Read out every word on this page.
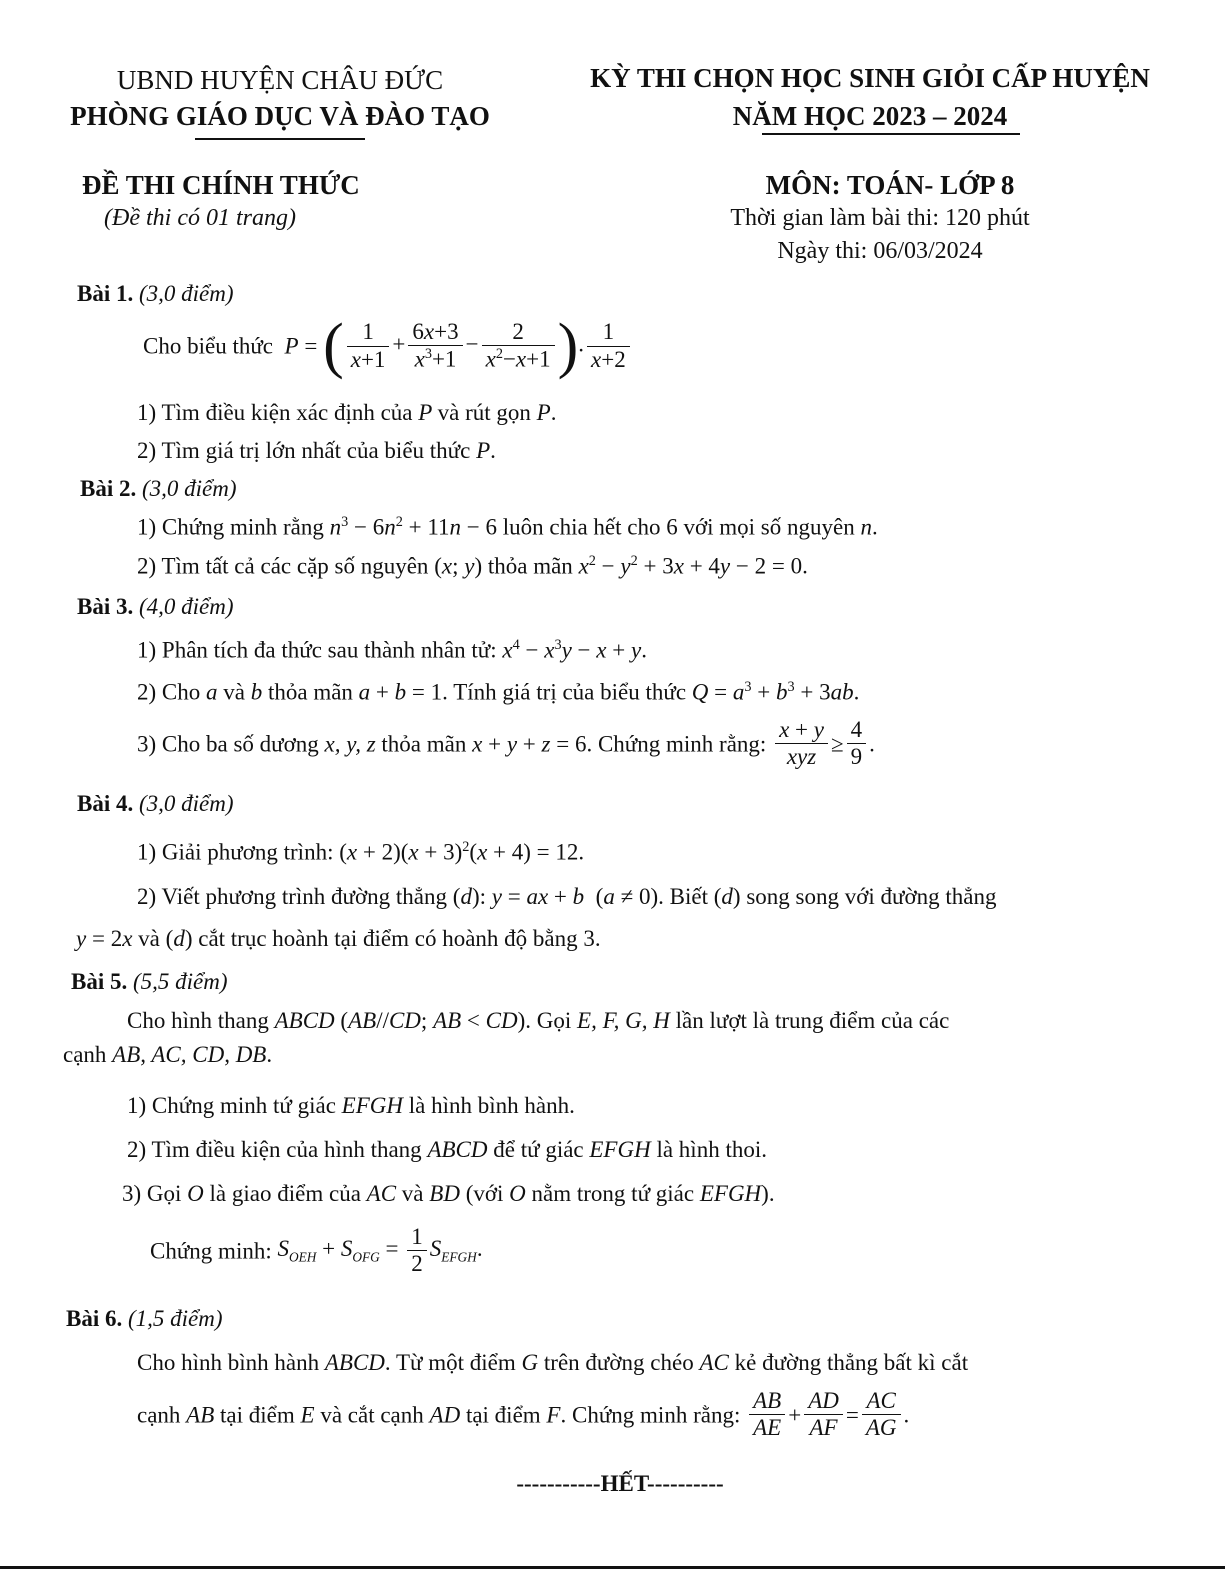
UBND HUYỆN CHÂU ĐỨC
PHÒNG GIÁO DỤC VÀ ĐÀO TẠO
KỲ THI CHỌN HỌC SINH GIỎI CẤP HUYỆN
NĂM HỌC 2023 – 2024
ĐỀ THI CHÍNH THỨC
(Đề thi có 01 trang)
MÔN: TOÁN- LỚP 8
Thời gian làm bài thi: 120 phút
Ngày thi: 06/03/2024
Bài 1. (3,0 điểm)
Cho biểu thức  P = ( $\frac{1}{x+1} + \frac{6x+3}{x^3+1} - \frac{2}{x^2-x+1}$ ). $\frac{1}{x+2}$
1) Tìm điều kiện xác định của P và rút gọn P.
2) Tìm giá trị lớn nhất của biểu thức P.
Bài 2. (3,0 điểm)
1) Chứng minh rằng $n^3 - 6n^2 + 11n - 6$ luôn chia hết cho 6 với mọi số nguyên n.
2) Tìm tất cả các cặp số nguyên (x; y) thỏa mãn $x^2 - y^2 + 3x + 4y - 2 = 0$.
Bài 3. (4,0 điểm)
1) Phân tích đa thức sau thành nhân tử: $x^4 - x^3y - x + y$.
2) Cho a và b thỏa mãn a + b = 1. Tính giá trị của biểu thức $Q = a^3 + b^3 + 3ab$.
3) Cho ba số dương x, y, z thỏa mãn x + y + z = 6. Chứng minh rằng: $\frac{x + y}{\text{xyz}} \ge \frac{4}{9}$ .
Bài 4. (3,0 điểm)
1) Giải phương trình: $(x + 2)(x + 3)^2(x + 4) = 12$.
2) Viết phương trình đường thẳng (d): y = ax + b  (a ≠ 0). Biết (d) song song với đường thẳng
y = 2x và (d) cắt trục hoành tại điểm có hoành độ bằng 3.
Bài 5. (5,5 điểm)
Cho hình thang ABCD (AB//CD; AB < CD). Gọi E, F, G, H lần lượt là trung điểm của các
cạnh AB, AC, CD, DB.
1) Chứng minh tứ giác EFGH là hình bình hành.
2) Tìm điều kiện của hình thang ABCD để tứ giác EFGH là hình thoi.
3) Gọi O là giao điểm của AC và BD (với O nằm trong tứ giác EFGH).
Chứng minh: $S_{OEH} + S_{OFG} = \frac{1}{2} S_{EFGH}$.
Bài 6. (1,5 điểm)
Cho hình bình hành ABCD. Từ một điểm G trên đường chéo AC kẻ đường thẳng bất kì cắt
cạnh AB tại điểm E và cắt cạnh AD tại điểm F. Chứng minh rằng: $\frac{AB}{AE} + \frac{AD}{AF} = \frac{AC}{AG}$ .
-----------HẾT----------
